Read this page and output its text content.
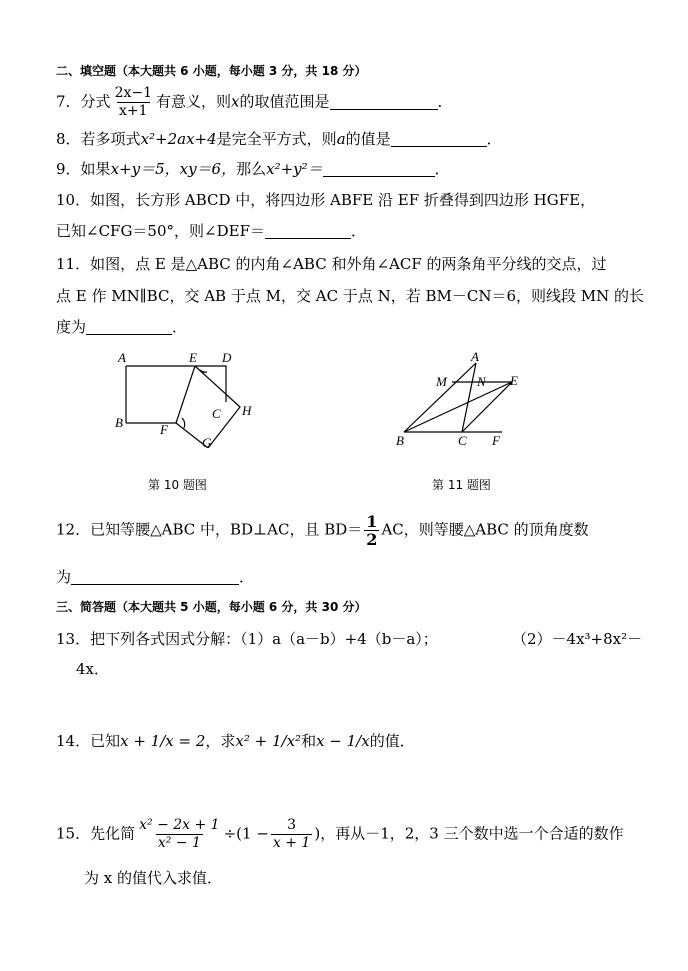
二、填空题（本大题共 6 小题，每小题 3 分，共 18 分）
7．分式 $\frac{2x-1}{x+1}$ 有意义，则x的取值范围是	．
8．若多项式x²+2ax+4是完全平方式，则a的值是	．
9．如果x+y＝5，xy＝6，那么x²+y²＝	．
10．如图，长方形 ABCD 中，将四边形 ABFE 沿 EF 折叠得到四边形 HGFE，
已知∠CFG＝50°，则∠DEF＝	．
11．如图，点 E 是△ABC 的内角∠ABC 和外角∠ACF 的两条角平分线的交点，过
点 E 作 MN∥BC，交 AB 于点 M，交 AC 于点 N，若 BM－CN＝6，则线段 MN 的长
度为	．
A	E D
B	F
C H
G
第 10 题图
A
M N E
B	C F
第 11 题图
12．已知等腰△ABC 中，BD⊥AC，且 $BD= \frac{1}{2}$ AC，则等腰△ABC 的顶角度数
为	．
三、简答题（本大题共 5 小题，每小题 6 分，共 30 分）
13．把下列各式因式分解：（1）a（a－b）+4（b－a）；	（2）－4x³+8x²－
4x．
14．已知x + 1/x = 2，求x² + 1/x²和x − 1/x的值．
15．先化简 $\frac{\text{x² − 2x + 1}}{\text{x² − 1}} \div(1 - \frac{3}{x + 1}$ )，再从－1，2，3 三个数中选一个合适的数作
为 x 的值代入求值．
